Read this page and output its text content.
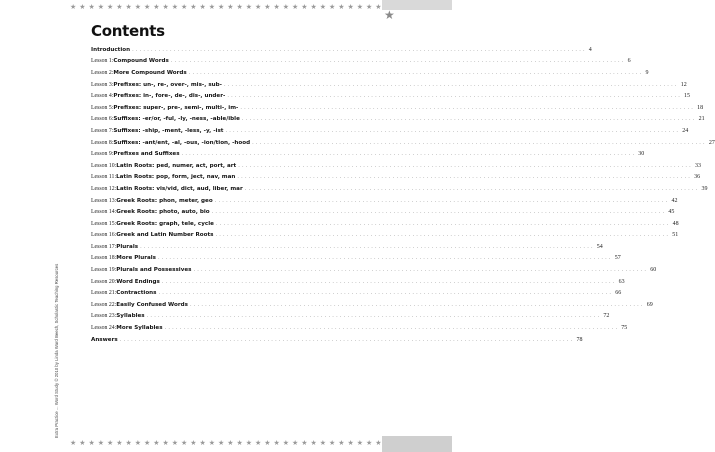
★
★ ★ ★ ★ ★ ★ ★ ★ ★ ★ ★ ★ ★ ★ ★ ★ ★ ★ ★ ★ ★ ★ ★ ★ ★ ★ ★ ★ ★ ★ ★ ★ ★ ★
★ ★ ★ ★ ★ ★ ★ ★ ★ ★ ★ ★ ★ ★ ★ ★ ★ ★ ★ ★ ★ ★ ★ ★ ★ ★ ★ ★ ★ ★ ★ ★ ★ ★
Extra Practice ... Word Study © 2010 by Linda Ward Beech, Scholastic Teaching Resources
Contents
Introduction ........................................................................................................................ 4
Lesson 1: Compound Words ........................................................................................................................ 6
Lesson 2: More Compound Words ........................................................................................................................ 9
Lesson 3: Prefixes: un-, re-, over-, mis-, sub- ........................................................................................................................ 12
Lesson 4: Prefixes: in-, fore-, de-, dis-, under- ........................................................................................................................ 15
Lesson 5: Prefixes: super-, pre-, semi-, multi-, im- ........................................................................................................................ 18
Lesson 6: Suffixes: -er/or, -ful, -ly, -ness, -able/ible ........................................................................................................................ 21
Lesson 7: Suffixes: -ship, -ment, -less, -y, -ist ........................................................................................................................ 24
Lesson 8: Suffixes: -ant/ent, -al, -ous, -ion/tion, -hood ........................................................................................................................ 27
Lesson 9: Prefixes and Suffixes ........................................................................................................................ 30
Lesson 10: Latin Roots: ped, numer, act, port, art ........................................................................................................................ 33
Lesson 11: Latin Roots: pop, form, ject, nav, man ........................................................................................................................ 36
Lesson 12: Latin Roots: vis/vid, dict, aud, liber, mar ........................................................................................................................ 39
Lesson 13: Greek Roots: phon, meter, geo ........................................................................................................................ 42
Lesson 14: Greek Roots: photo, auto, bio ........................................................................................................................ 45
Lesson 15: Greek Roots: graph, tele, cycle ........................................................................................................................ 48
Lesson 16: Greek and Latin Number Roots ........................................................................................................................ 51
Lesson 17: Plurals ........................................................................................................................ 54
Lesson 18: More Plurals ........................................................................................................................ 57
Lesson 19: Plurals and Possessives ........................................................................................................................ 60
Lesson 20: Word Endings ........................................................................................................................ 63
Lesson 21: Contractions ........................................................................................................................ 66
Lesson 22: Easily Confused Words ........................................................................................................................ 69
Lesson 23: Syllables ........................................................................................................................ 72
Lesson 24: More Syllables ........................................................................................................................ 75
Answers ........................................................................................................................ 78
